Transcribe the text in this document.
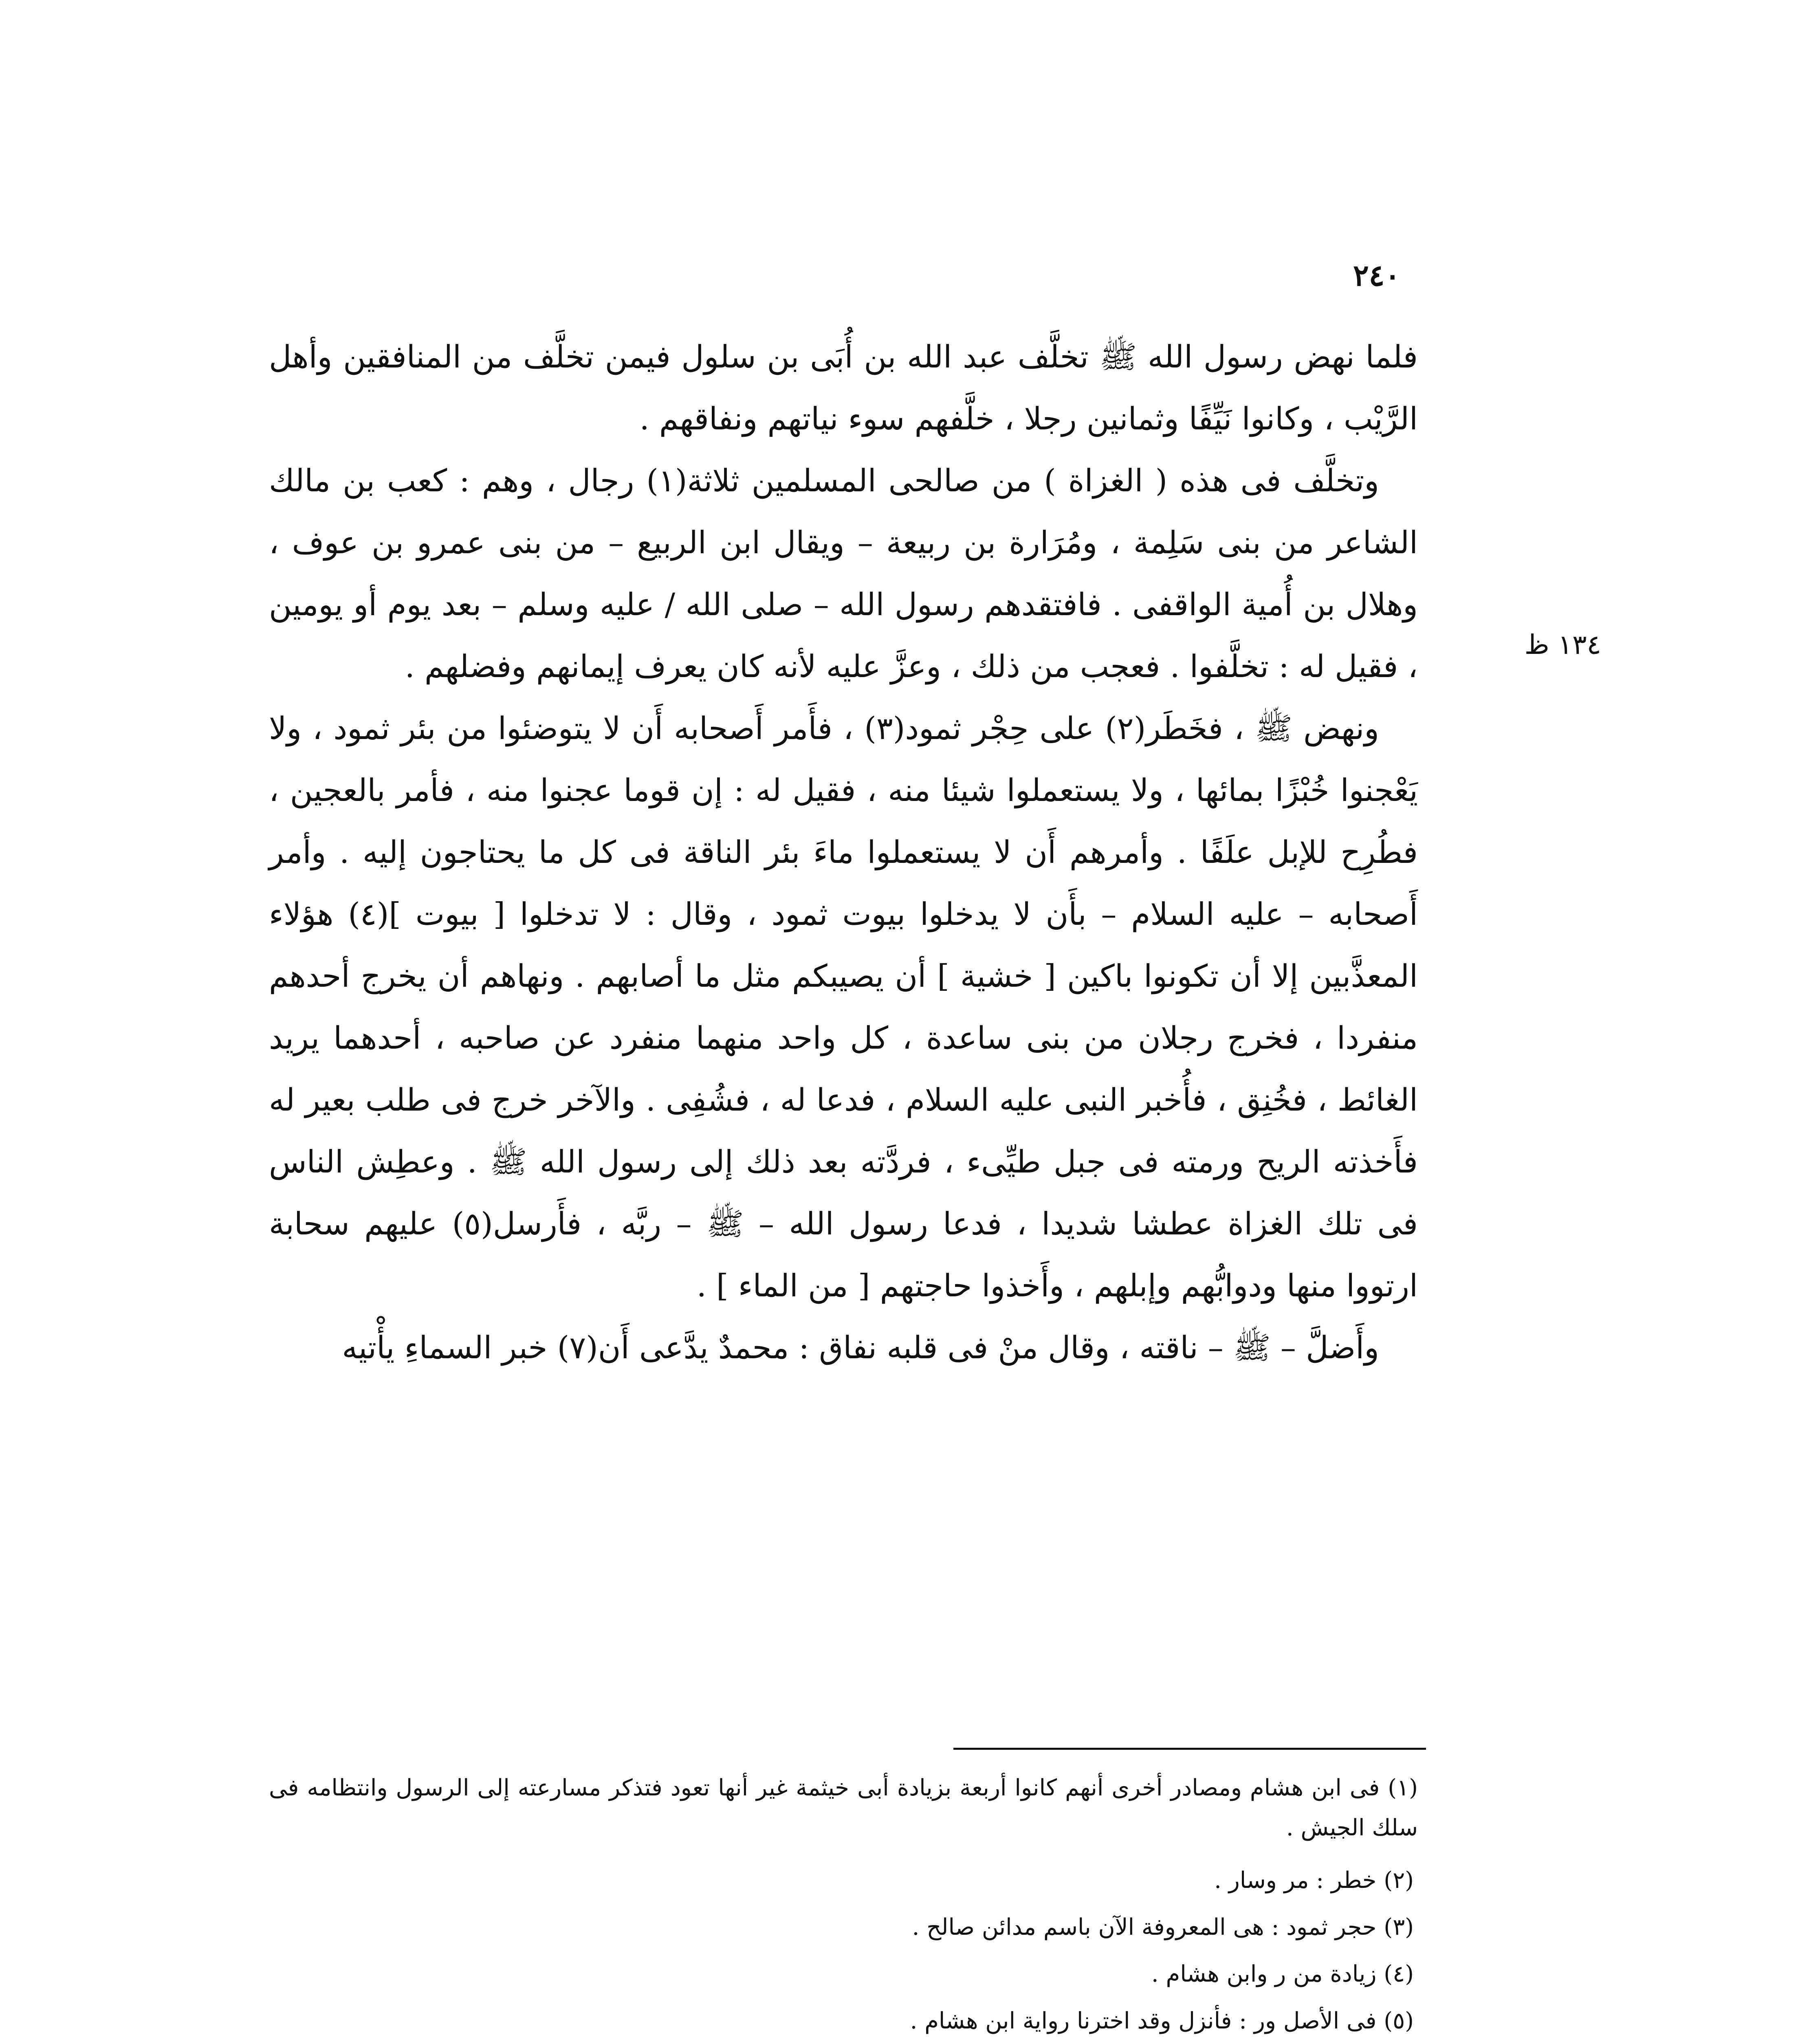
٢٤٠
١٣٤ ظ

فلما نهض رسول الله ﷺ تخلَّف عبد الله بن أُبَى بن سلول فيمن تخلَّف من المنافقين وأهل الرَّيْب ، وكانوا نَيِّفًا وثمانين رجلا ، خلَّفهم سوء نياتهم ونفاقهم .

وتخلَّف فى هذه ( الغزاة ) من صالحى المسلمين ثلاثة(١) رجال ، وهم : كعب بن مالك الشاعر من بنى سَلِمة ، ومُرَارة بن ربيعة – ويقال ابن الربيع – من بنى عمرو بن عوف ، وهلال بن أُمية الواقفى . فافتقدهم رسول الله – صلى الله / عليه وسلم – بعد يوم أو يومين ، فقيل له : تخلَّفوا . فعجب من ذلك ، وعزَّ عليه لأنه كان يعرف إيمانهم وفضلهم .

ونهض ﷺ ، فخَطَر(٢) على حِجْر ثمود(٣) ، فأَمر أَصحابه أَن لا يتوضئوا من بئر ثمود ، ولا يَعْجنوا خُبْزًا بمائها ، ولا يستعملوا شيئا منه ، فقيل له : إن قوما عجنوا منه ، فأمر بالعجين ، فطُرِح للإبل علَفًا . وأمرهم أَن لا يستعملوا ماءَ بئر الناقة فى كل ما يحتاجون إليه . وأمر أَصحابه – عليه السلام – بأَن لا يدخلوا بيوت ثمود ، وقال : لا تدخلوا [ بيوت ](٤) هؤلاء المعذَّبين إلا أن تكونوا باكين [ خشية ] أن يصيبكم مثل ما أصابهم . ونهاهم أن يخرج أحدهم منفردا ، فخرج رجلان من بنى ساعدة ، كل واحد منهما منفرد عن صاحبه ، أحدهما يريد الغائط ، فخُنِق ، فأُخبر النبى عليه السلام ، فدعا له ، فشُفِى . والآخر خرج فى طلب بعير له فأَخذته الريح ورمته فى جبل طيِّىء ، فردَّته بعد ذلك إلى رسول الله ﷺ . وعطِش الناس فى تلك الغزاة عطشا شديدا ، فدعا رسول الله – ﷺ – ربَّه ، فأَرسل(٥) عليهم سحابة ارتووا منها ودوابُّهم وإبلهم ، وأَخذوا حاجتهم [ من الماء ] .

وأَضلَّ – ﷺ – ناقته ، وقال منْ فى قلبه نفاق : محمدٌ يدَّعى أَن(٧) خبر السماءِ يأْتيه

(١) فى ابن هشام ومصادر أخرى أنهم كانوا أربعة بزيادة أبى خيثمة غير أنها تعود فتذكر مسارعته إلى الرسول وانتظامه فى سلك الجيش .

(٢) خطر : مر وسار .

(٣) حجر ثمود : هى المعروفة الآن باسم مدائن صالح .

(٤) زيادة من ر وابن هشام .

(٥) فى الأصل ور : فأنزل وقد اخترنا رواية ابن هشام .
